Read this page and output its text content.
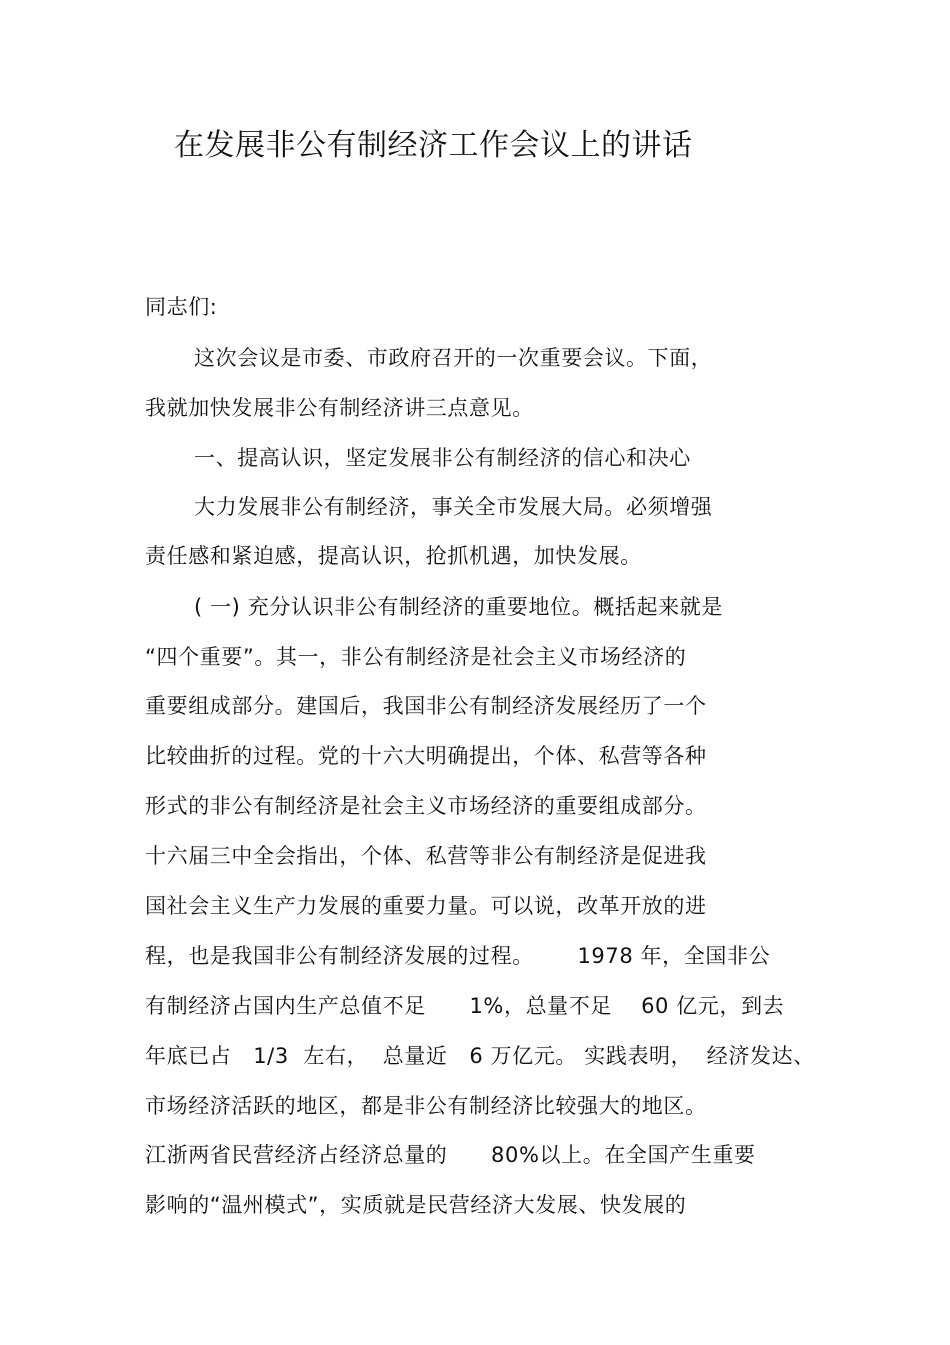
在发展非公有制经济工作会议上的讲话
同志们:
这次会议是市委、市政府召开的一次重要会议。下面，
我就加快发展非公有制经济讲三点意见。
一、提高认识，坚定发展非公有制经济的信心和决心
大力发展非公有制经济，事关全市发展大局。必须增强
责任感和紧迫感，提高认识，抢抓机遇，加快发展。
( 一) 充分认识非公有制经济的重要地位。概括起来就是
“四个重要”。其一，非公有制经济是社会主义市场经济的
重要组成部分。建国后，我国非公有制经济发展经历了一个
比较曲折的过程。党的十六大明确提出，个体、私营等各种
形式的非公有制经济是社会主义市场经济的重要组成部分。
十六届三中全会指出，个体、私营等非公有制经济是促进我
国社会主义生产力发展的重要力量。可以说，改革开放的进
程，也是我国非公有制经济发展的过程。      1978 年，全国非公
有制经济占国内生产总值不足      1%，总量不足    60 亿元，到去
年底已占   1/3  左右，  总量近   6 万亿元。 实践表明，  经济发达、
市场经济活跃的地区，都是非公有制经济比较强大的地区。
江浙两省民营经济占经济总量的      80%以上。在全国产生重要
影响的“温州模式”，实质就是民营经济大发展、快发展的
